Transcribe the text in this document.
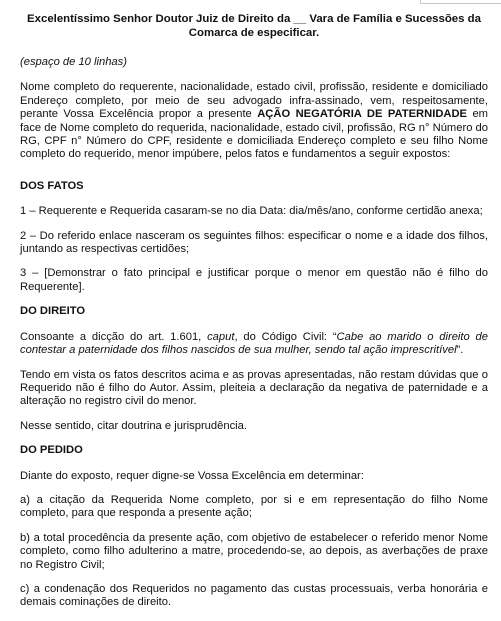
Excelentíssimo Senhor Doutor Juiz de Direito da __ Vara de Família e Sucessões da Comarca de especificar.

(espaço de 10 linhas)

Nome completo do requerente, nacionalidade, estado civil, profissão, residente e domiciliado Endereço completo, por meio de seu advogado infra-assinado, vem, respeitosamente, perante Vossa Excelência propor a presente AÇÃO NEGATÓRIA DE PATERNIDADE em face de Nome completo do requerida, nacionalidade, estado civil, profissão, RG n° Número do RG, CPF n° Número do CPF, residente e domiciliada Endereço completo e seu filho Nome completo do requerido, menor impúbere, pelos fatos e fundamentos a seguir expostos:

DOS FATOS

1 – Requerente e Requerida casaram-se no dia Data: dia/mês/ano, conforme certidão anexa;

2 – Do referido enlace nasceram os seguintes filhos: especificar o nome e a idade dos filhos, juntando as respectivas certidões;

3 – [Demonstrar o fato principal e justificar porque o menor em questão não é filho do Requerente].

DO DIREITO

Consoante a dicção do art. 1.601, caput, do Código Civil: “Cabe ao marido o direito de contestar a paternidade dos filhos nascidos de sua mulher, sendo tal ação imprescritível”.

Tendo em vista os fatos descritos acima e as provas apresentadas, não restam dúvidas que o Requerido não é filho do Autor. Assim, pleiteia a declaração da negativa de paternidade e a alteração no registro civil do menor.

Nesse sentido, citar doutrina e jurisprudência.

DO PEDIDO

Diante do exposto, requer digne-se Vossa Excelência em determinar:

a) a citação da Requerida Nome completo, por si e em representação do filho Nome completo, para que responda a presente ação;

b) a total procedência da presente ação, com objetivo de estabelecer o referido menor Nome completo, como filho adulterino a matre, procedendo-se, ao depois, as averbações de praxe no Registro Civil;

c) a condenação dos Requeridos no pagamento das custas processuais, verba honorária e demais cominações de direito.
